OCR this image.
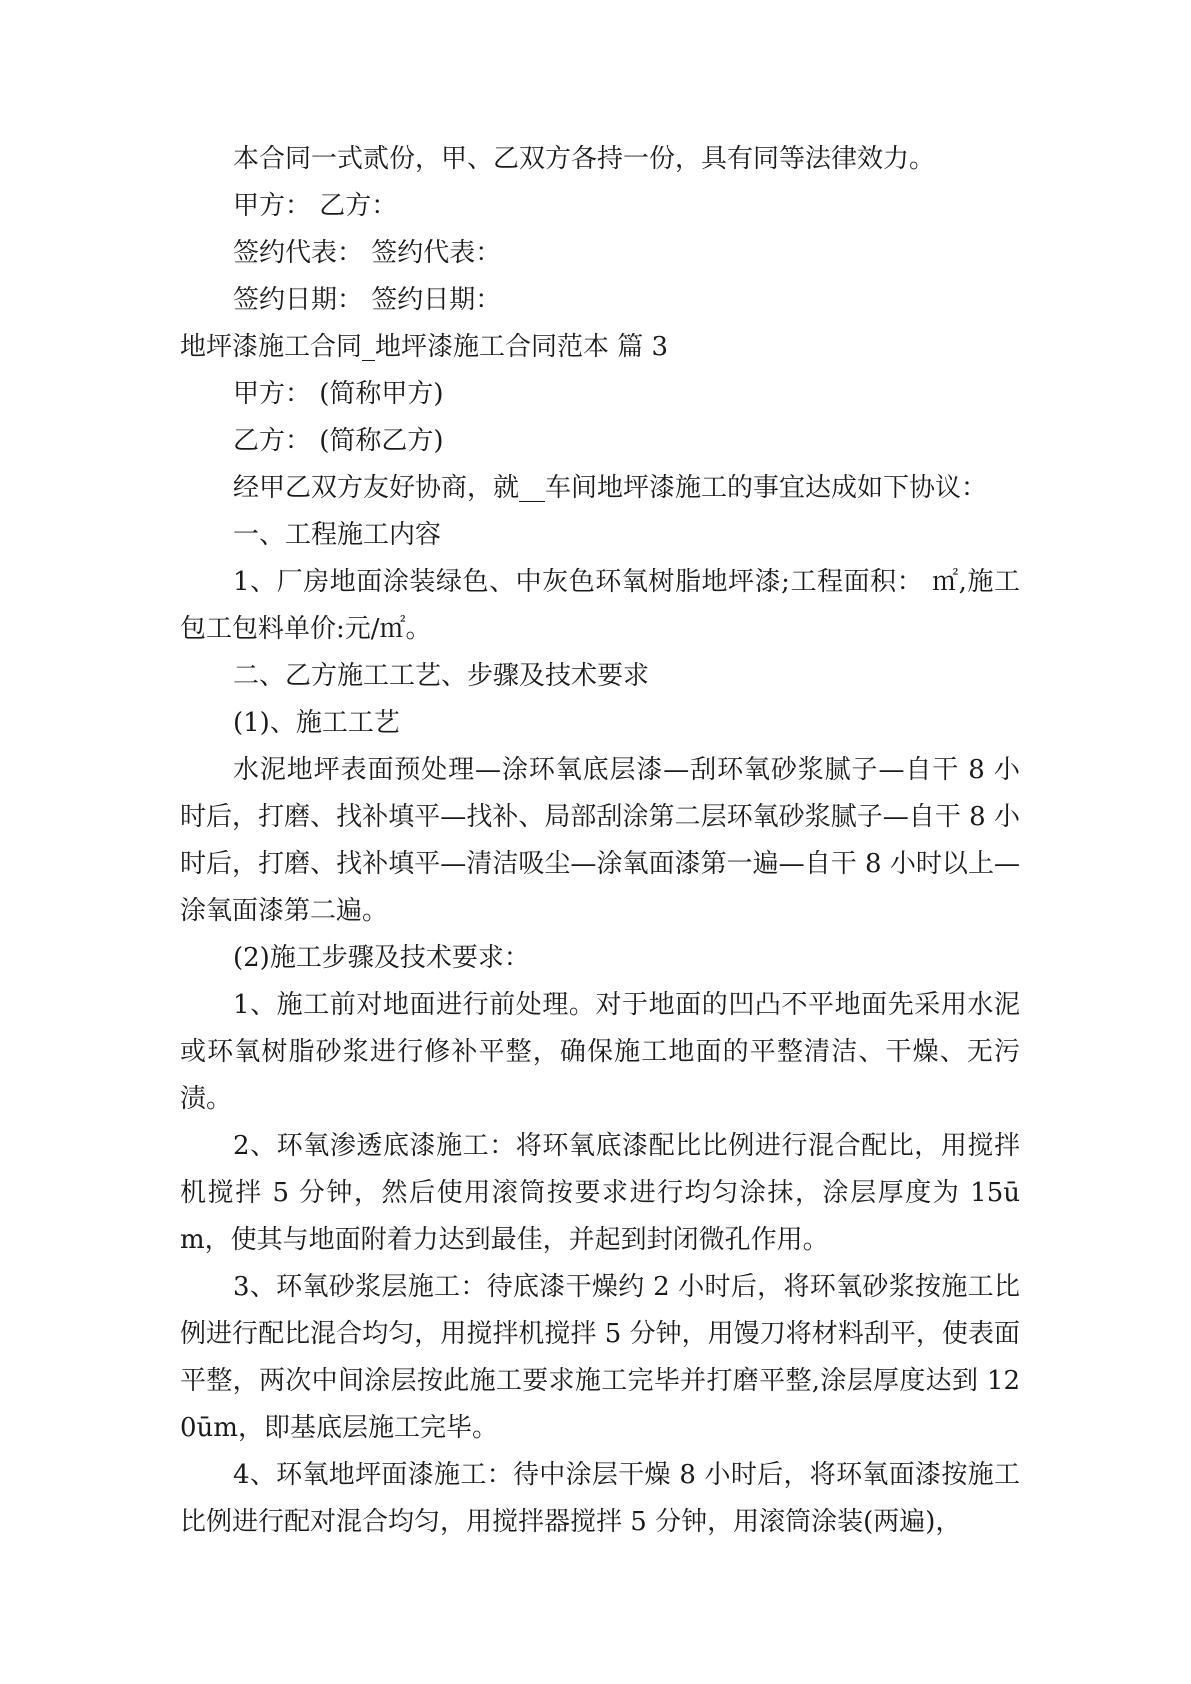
本合同一式贰份，甲、乙双方各持一份，具有同等法律效力。

甲方： 乙方：

签约代表： 签约代表：

签约日期： 签约日期：

地坪漆施工合同_地坪漆施工合同范本 篇 3

甲方： (简称甲方)

乙方： (简称乙方)

经甲乙双方友好协商，就__车间地坪漆施工的事宜达成如下协议：

一、工程施工内容

1、厂房地面涂装绿色、中灰色环氧树脂地坪漆;工程面积： ㎡,施工包工包料单价:元/㎡。

二、乙方施工工艺、步骤及技术要求

(1)、施工工艺

水泥地坪表面预处理—涂环氧底层漆—刮环氧砂浆腻子—自干 8 小时后，打磨、找补填平—找补、局部刮涂第二层环氧砂浆腻子—自干 8 小时后，打磨、找补填平—清洁吸尘—涂氧面漆第一遍—自干 8 小时以上—涂氧面漆第二遍。

(2)施工步骤及技术要求：

1、施工前对地面进行前处理。对于地面的凹凸不平地面先采用水泥或环氧树脂砂浆进行修补平整，确保施工地面的平整清洁、干燥、无污渍。

2、环氧渗透底漆施工：将环氧底漆配比比例进行混合配比，用搅拌机搅拌 5 分钟，然后使用滚筒按要求进行均匀涂抹，涂层厚度为 15ūm，使其与地面附着力达到最佳，并起到封闭微孔作用。

3、环氧砂浆层施工：待底漆干燥约 2 小时后，将环氧砂浆按施工比例进行配比混合均匀，用搅拌机搅拌 5 分钟，用馒刀将材料刮平，使表面平整，两次中间涂层按此施工要求施工完毕并打磨平整,涂层厚度达到 120ūm，即基底层施工完毕。

4、环氧地坪面漆施工：待中涂层干燥 8 小时后，将环氧面漆按施工比例进行配对混合均匀，用搅拌器搅拌 5 分钟，用滚筒涂装(两遍)，
